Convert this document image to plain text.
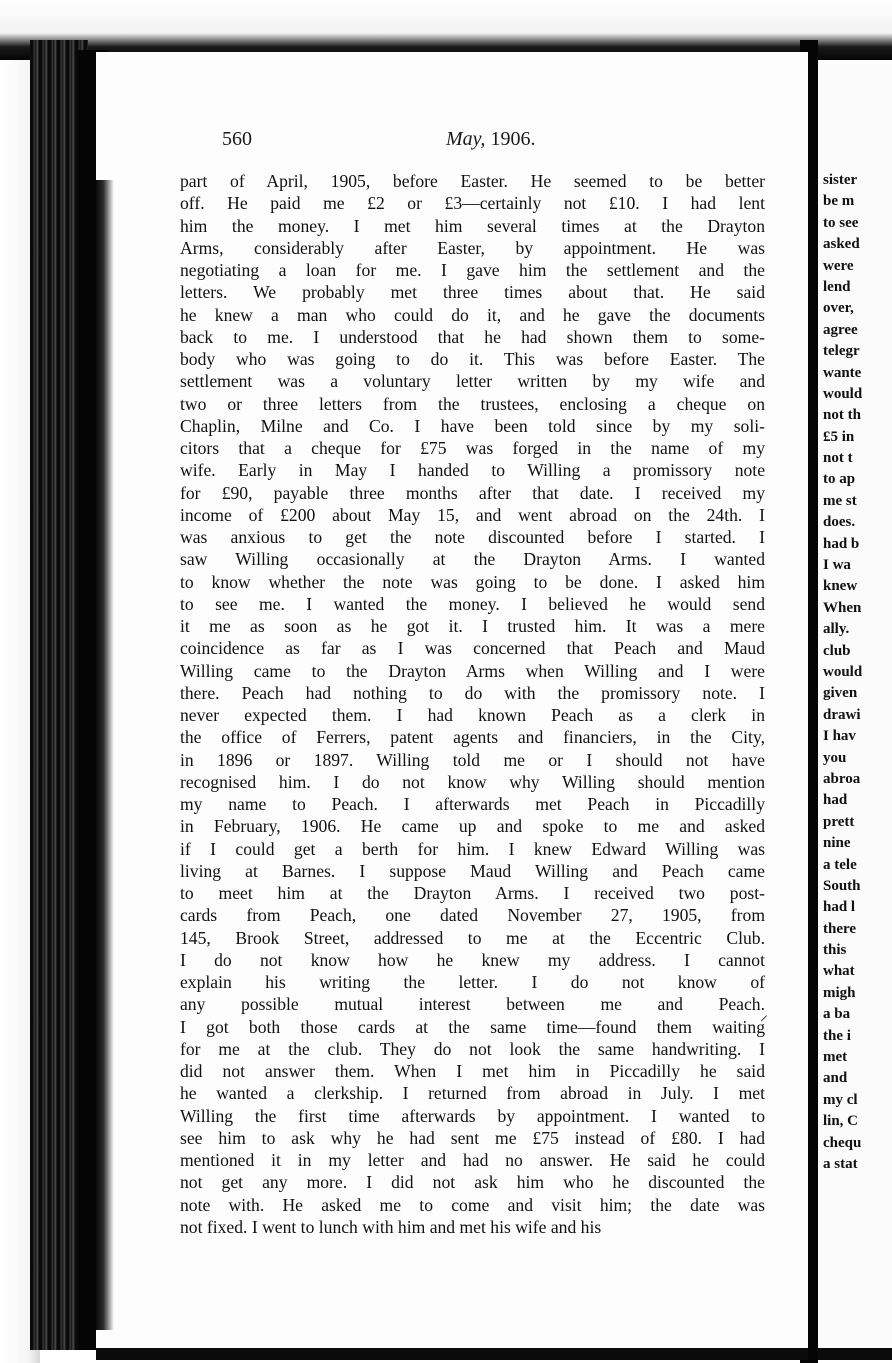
560	May, 1906.
part of April, 1905, before Easter. He seemed to be better
off. He paid me £2 or £3—certainly not £10. I had lent
him the money. I met him several times at the Drayton
Arms, considerably after Easter, by appointment. He was
negotiating a loan for me. I gave him the settlement and the
letters. We probably met three times about that. He said
he knew a man who could do it, and he gave the documents
back to me. I understood that he had shown them to some-
body who was going to do it. This was before Easter. The
settlement was a voluntary letter written by my wife and
two or three letters from the trustees, enclosing a cheque on
Chaplin, Milne and Co. I have been told since by my soli-
citors that a cheque for £75 was forged in the name of my
wife. Early in May I handed to Willing a promissory note
for £90, payable three months after that date. I received my
income of £200 about May 15, and went abroad on the 24th. I
was anxious to get the note discounted before I started. I
saw Willing occasionally at the Drayton Arms. I wanted
to know whether the note was going to be done. I asked him
to see me. I wanted the money. I believed he would send
it me as soon as he got it. I trusted him. It was a mere
coincidence as far as I was concerned that Peach and Maud
Willing came to the Drayton Arms when Willing and I were
there. Peach had nothing to do with the promissory note. I
never expected them. I had known Peach as a clerk in
the office of Ferrers, patent agents and financiers, in the City,
in 1896 or 1897. Willing told me or I should not have
recognised him. I do not know why Willing should mention
my name to Peach. I afterwards met Peach in Piccadilly
in February, 1906. He came up and spoke to me and asked
if I could get a berth for him. I knew Edward Willing was
living at Barnes. I suppose Maud Willing and Peach came
to meet him at the Drayton Arms. I received two post-
cards from Peach, one dated November 27, 1905, from
145, Brook Street, addressed to me at the Eccentric Club.
I do not know how he knew my address. I cannot
explain his writing the letter. I do not know of
any possible mutual interest between me and Peach.
I got both those cards at the same time—found them waiting
for me at the club. They do not look the same handwriting. I
did not answer them. When I met him in Piccadilly he said
he wanted a clerkship. I returned from abroad in July. I met
Willing the first time afterwards by appointment. I wanted to
see him to ask why he had sent me £75 instead of £80. I had
mentioned it in my letter and had no answer. He said he could
not get any more. I did not ask him who he discounted the
note with. He asked me to come and visit him; the date was
not fixed. I went to lunch with him and met his wife and his
sister
be m
to see
asked
were
lend
over,
agree
telegr
wante
would
not th
£5 in
not t
to ap
me st
does.
had b
I wa
knew
When
ally.
club
would
given
drawi
I hav
you
abroa
had
prett
nine
a tele
South
had l
there
this
what
migh
a ba
the i
met
and
my cl
lin, C
chequ
a stat
⸝
